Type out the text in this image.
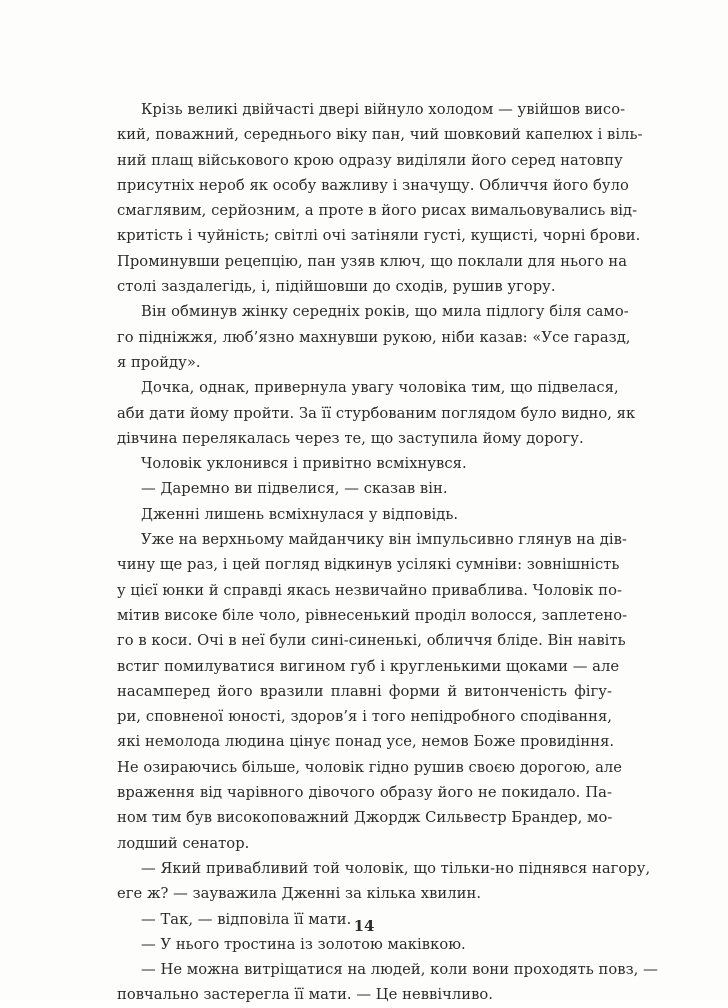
Крізь великі двійчасті двері війнуло холодом — увійшов висо-
кий, поважний, середнього віку пан, чий шовковий капелюх і віль-
ний плащ військового крою одразу виділяли його серед натовпу
присутніх нероб як особу важливу і значущу. Обличчя його було
смаглявим, серйозним, а проте в його рисах вимальовувались від-
критість і чуйність; світлі очі затіняли густі, кущисті, чорні брови.
Проминувши рецепцію, пан узяв ключ, що поклали для нього на
столі заздалегідь, і, підійшовши до сходів, рушив угору.
Він обминув жінку середніх років, що мила підлогу біля само-
го підніжжя, люб’язно махнувши рукою, ніби казав: «Усе гаразд,
я пройду».
Дочка, однак, привернула увагу чоловіка тим, що підвелася,
аби дати йому пройти. За її стурбованим поглядом було видно, як
дівчина перелякалась через те, що заступила йому дорогу.
Чоловік уклонився і привітно всміхнувся.
— Даремно ви підвелися, — сказав він.
Дженні лишень всміхнулася у відповідь.
Уже на верхньому майданчику він імпульсивно глянув на дів-
чину ще раз, і цей погляд відкинув усілякі сумніви: зовнішність
у цієї юнки й справді якась незвичайно приваблива. Чоловік по-
мітив високе біле чоло, рівнесенький проділ волосся, заплетено-
го в коси. Очі в неї були сині-синенькі, обличчя бліде. Він навіть
встиг помилуватися вигином губ і кругленькими щоками — але
насамперед його вразили плавні форми й витонченість фігу-
ри, сповненої юності, здоров’я і того непідробного сподівання,
які немолода людина цінує понад усе, немов Боже провидіння.
Не озираючись більше, чоловік гідно рушив своєю дорогою, але
враження від чарівного дівочого образу його не покидало. Па-
ном тим був високоповажний Джордж Сильвестр Брандер, мо-
лодший сенатор.
— Який привабливий той чоловік, що тільки-но піднявся нагору,
еге ж? — зауважила Дженні за кілька хвилин.
— Так, — відповіла її мати.
— У нього тростина із золотою маківкою.
— Не можна витріщатися на людей, коли вони проходять повз, —
повчально застерегла її мати. — Це неввічливо.
14
